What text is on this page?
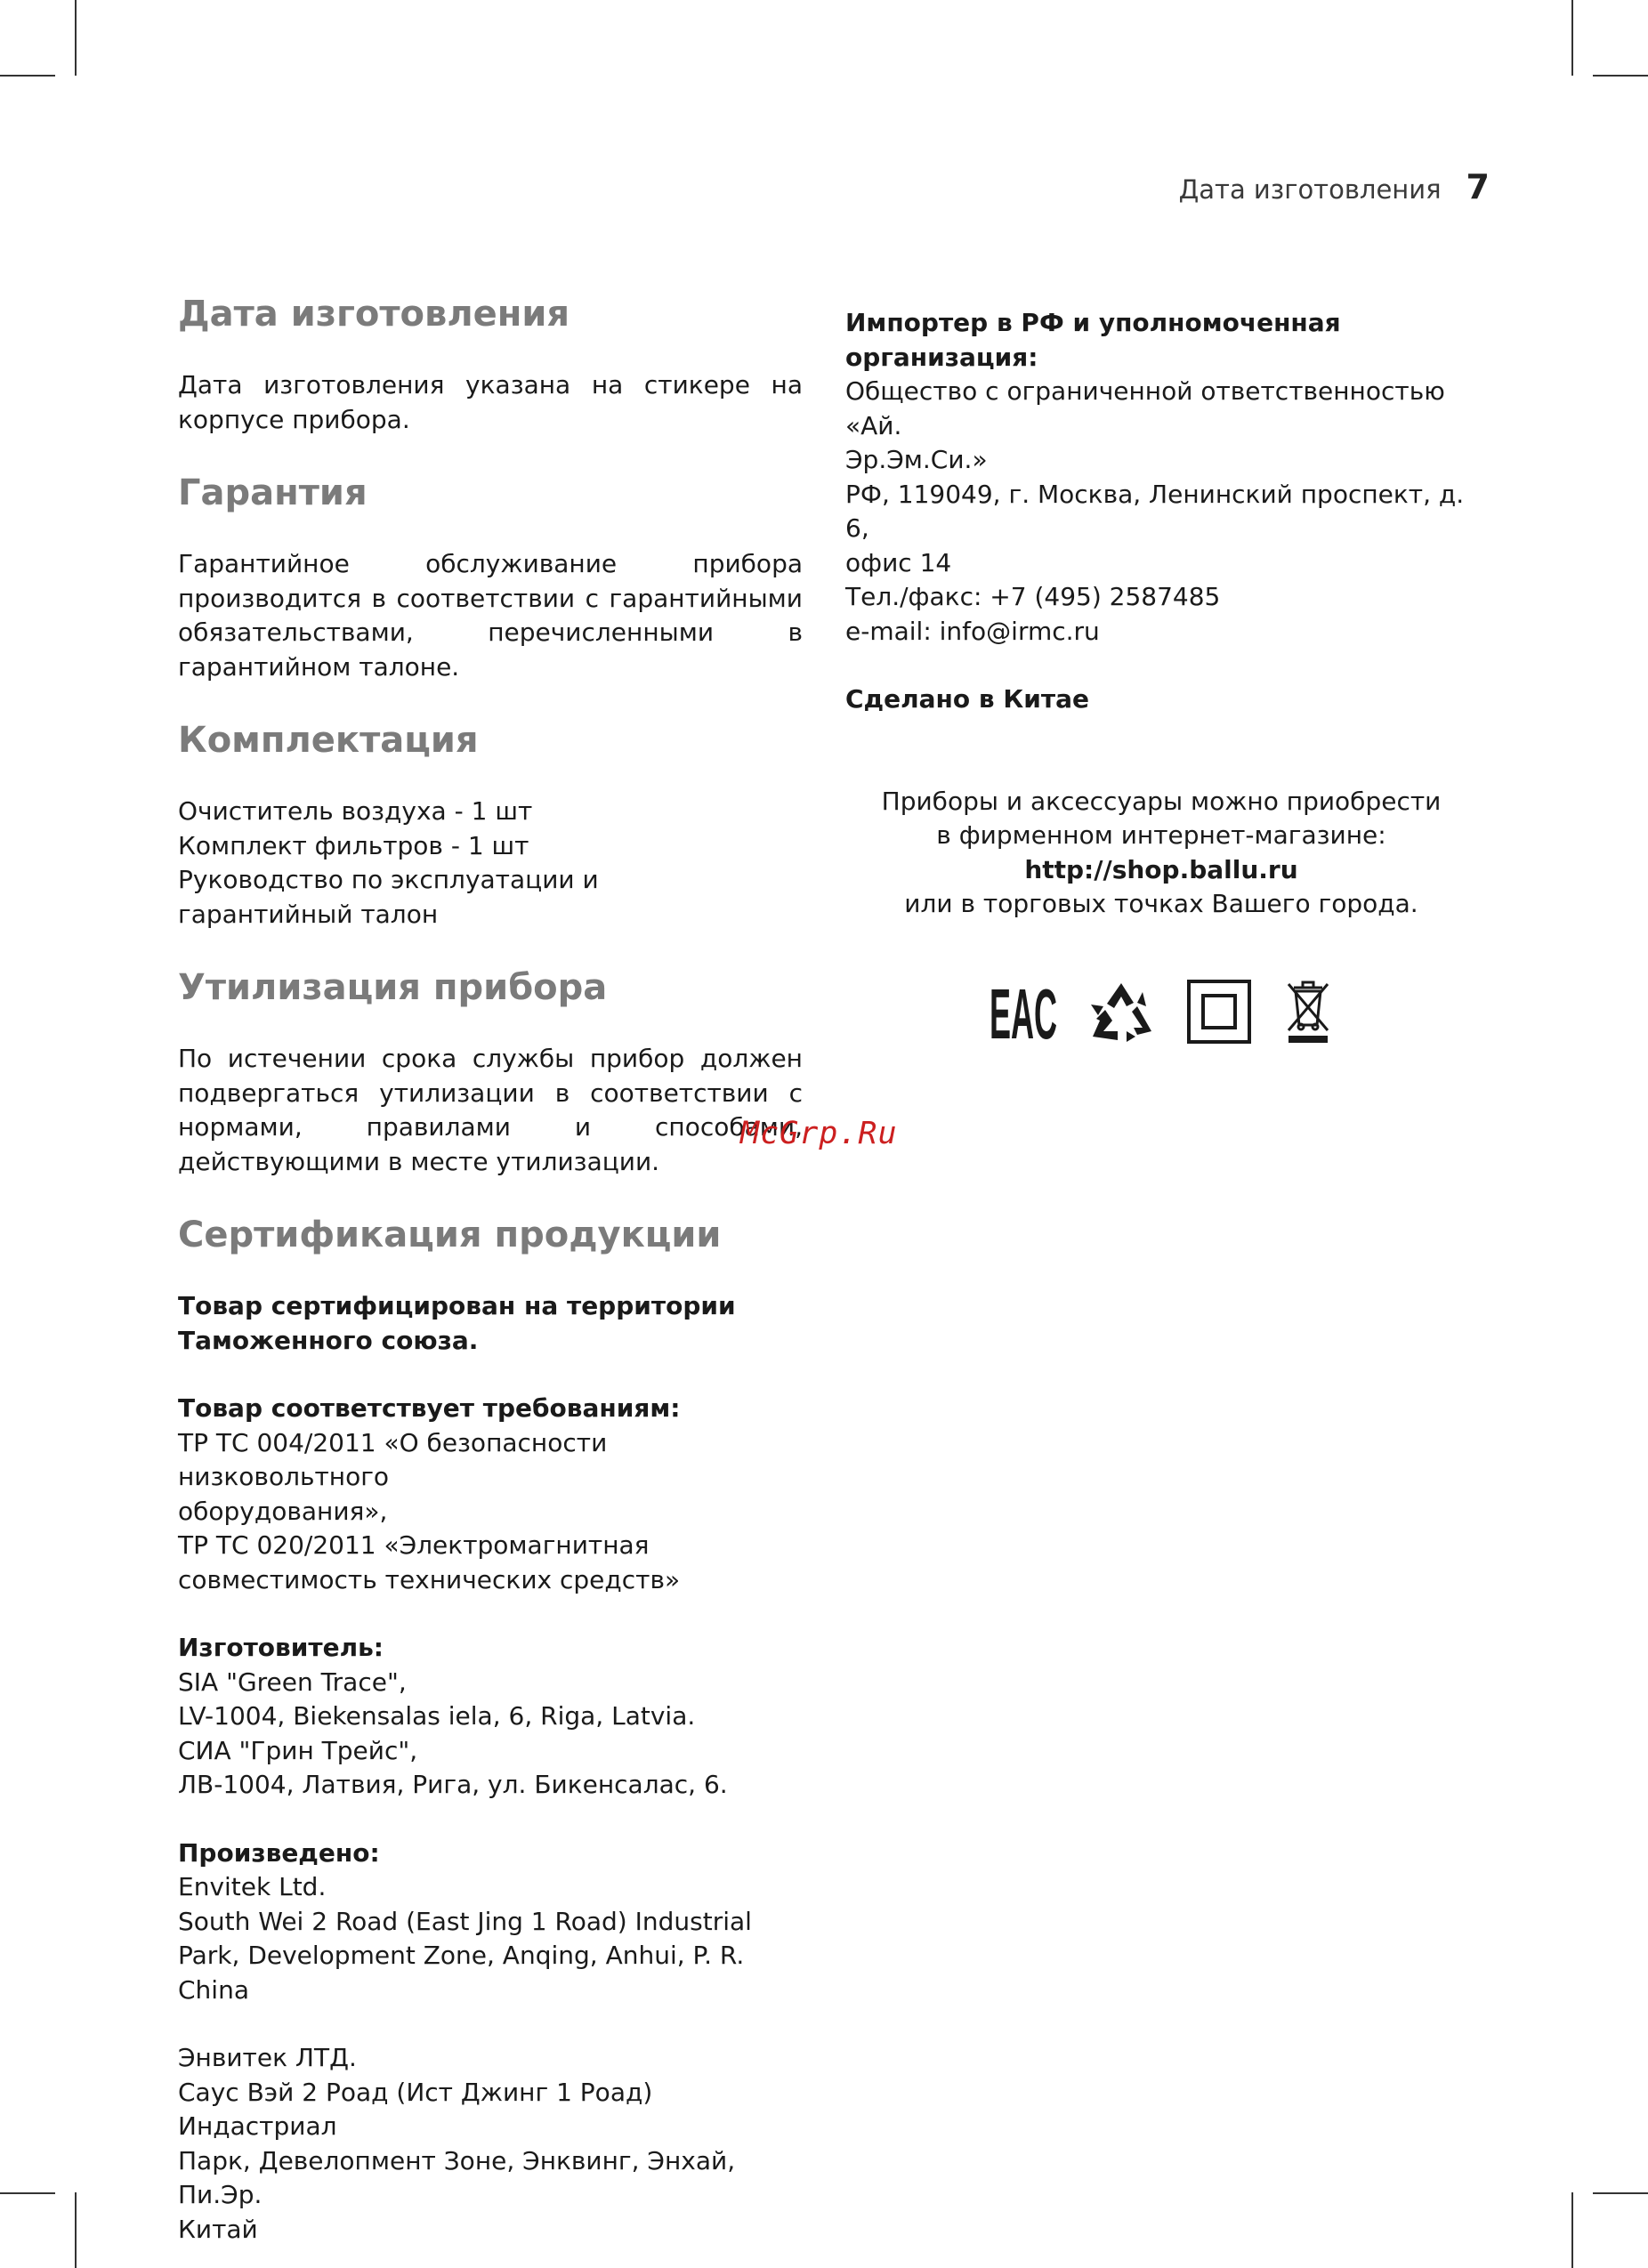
Дата изготовления 7
Дата изготовления
Дата изготовления указана на стикере на корпусе прибора.
Гарантия
Гарантийное обслуживание прибора производится в соответствии с гарантийными обязательствами, перечисленными в гарантийном талоне.
Комплектация
Очиститель воздуха - 1 шт
Комплект фильтров - 1 шт
Руководство по эксплуатации и гарантийный талон
Утилизация прибора
По истечении срока службы прибор должен подвергаться утилизации в соответствии с нормами, правилами и способами, действующими в месте утилизации.
Сертификация продукции
Товар сертифицирован на территории
Таможенного союза.
Товар соответствует требованиям:
ТР ТС 004/2011 «О безопасности низковольтного
оборудования»,
ТР ТС 020/2011 «Электромагнитная
совместимость технических средств»
Изготовитель:
SIA "Green Trace",
LV-1004, Biekensalas iela, 6, Riga, Latvia.
СИА "Грин Трейс",
ЛВ-1004, Латвия, Рига, ул. Бикенсалас, 6.
Произведено:
Envitek Ltd.
South Wei 2 Road (East Jing 1 Road) Industrial
Park, Development Zone, Anqing, Anhui, P. R.
China
Энвитек ЛТД.
Саус Вэй 2 Роад (Ист Джинг 1 Роад) Индастриал
Парк, Девелопмент Зоне, Энквинг, Энхай, Пи.Эр.
Китай
Импортер в РФ и уполномоченная
организация:
Общество с ограниченной ответственностью «Ай.
Эр.Эм.Си.»
РФ, 119049, г. Москва, Ленинский проспект, д. 6,
офис 14
Тел./факс: +7 (495) 2587485
e-mail: info@irmc.ru
Сделано в Китае
Приборы и аксессуары можно приобрести
в фирменном интернет-магазине:
http://shop.ballu.ru
или в торговых точках Вашего города.
EAC
McGrp.Ru
